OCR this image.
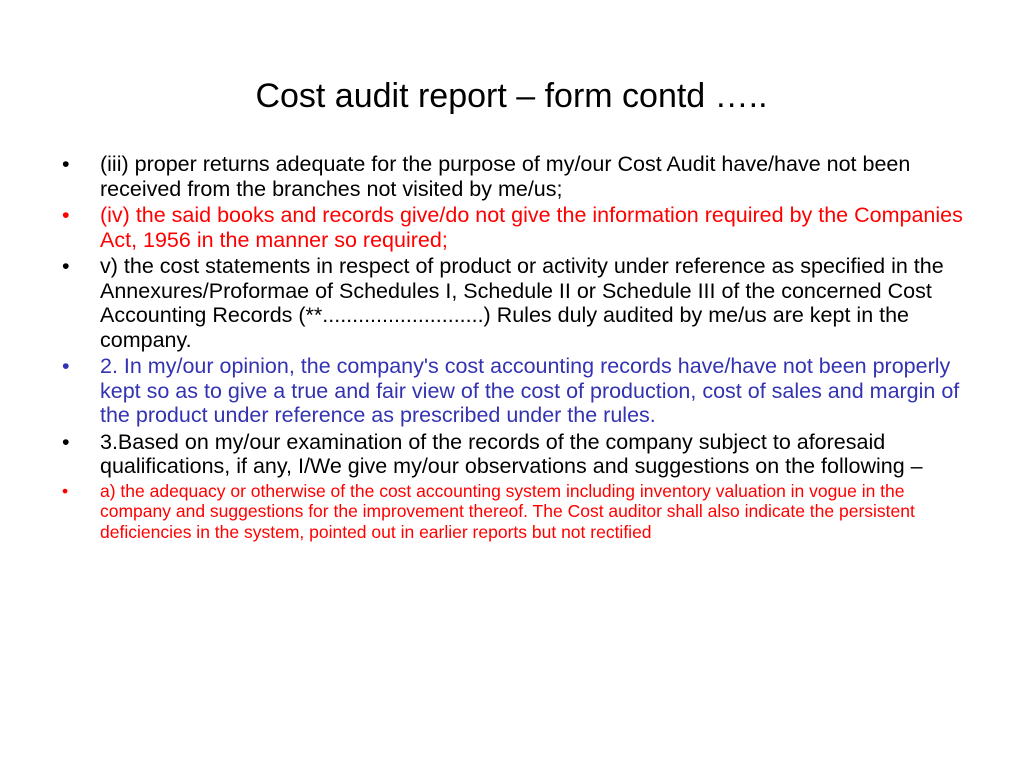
Cost audit report – form contd …..
•	(iii) proper returns adequate for the purpose of my/our Cost Audit have/have not been received from the branches not visited by me/us;
•	(iv) the said books and records give/do not give the information required by the Companies Act, 1956 in the manner so required;
•	v) the cost statements in respect of product or activity under reference as specified in the Annexures/Proformae of Schedules I, Schedule II or Schedule III of the concerned Cost Accounting Records (**...........................) Rules duly audited by me/us are kept in the company.
•	2. In my/our opinion, the company's cost accounting records have/have not been properly kept so as to give a true and fair view of the cost of production, cost of sales and margin of the product under reference as prescribed under the rules.
•	3.Based on my/our examination of the records of the company subject to aforesaid qualifications, if any, I/We give my/our observations and suggestions on the following –
•	a) the adequacy or otherwise of the cost accounting system including inventory valuation in vogue in the company and suggestions for the improvement thereof. The Cost auditor shall also indicate the persistent deficiencies in the system, pointed out in earlier reports but not rectified
